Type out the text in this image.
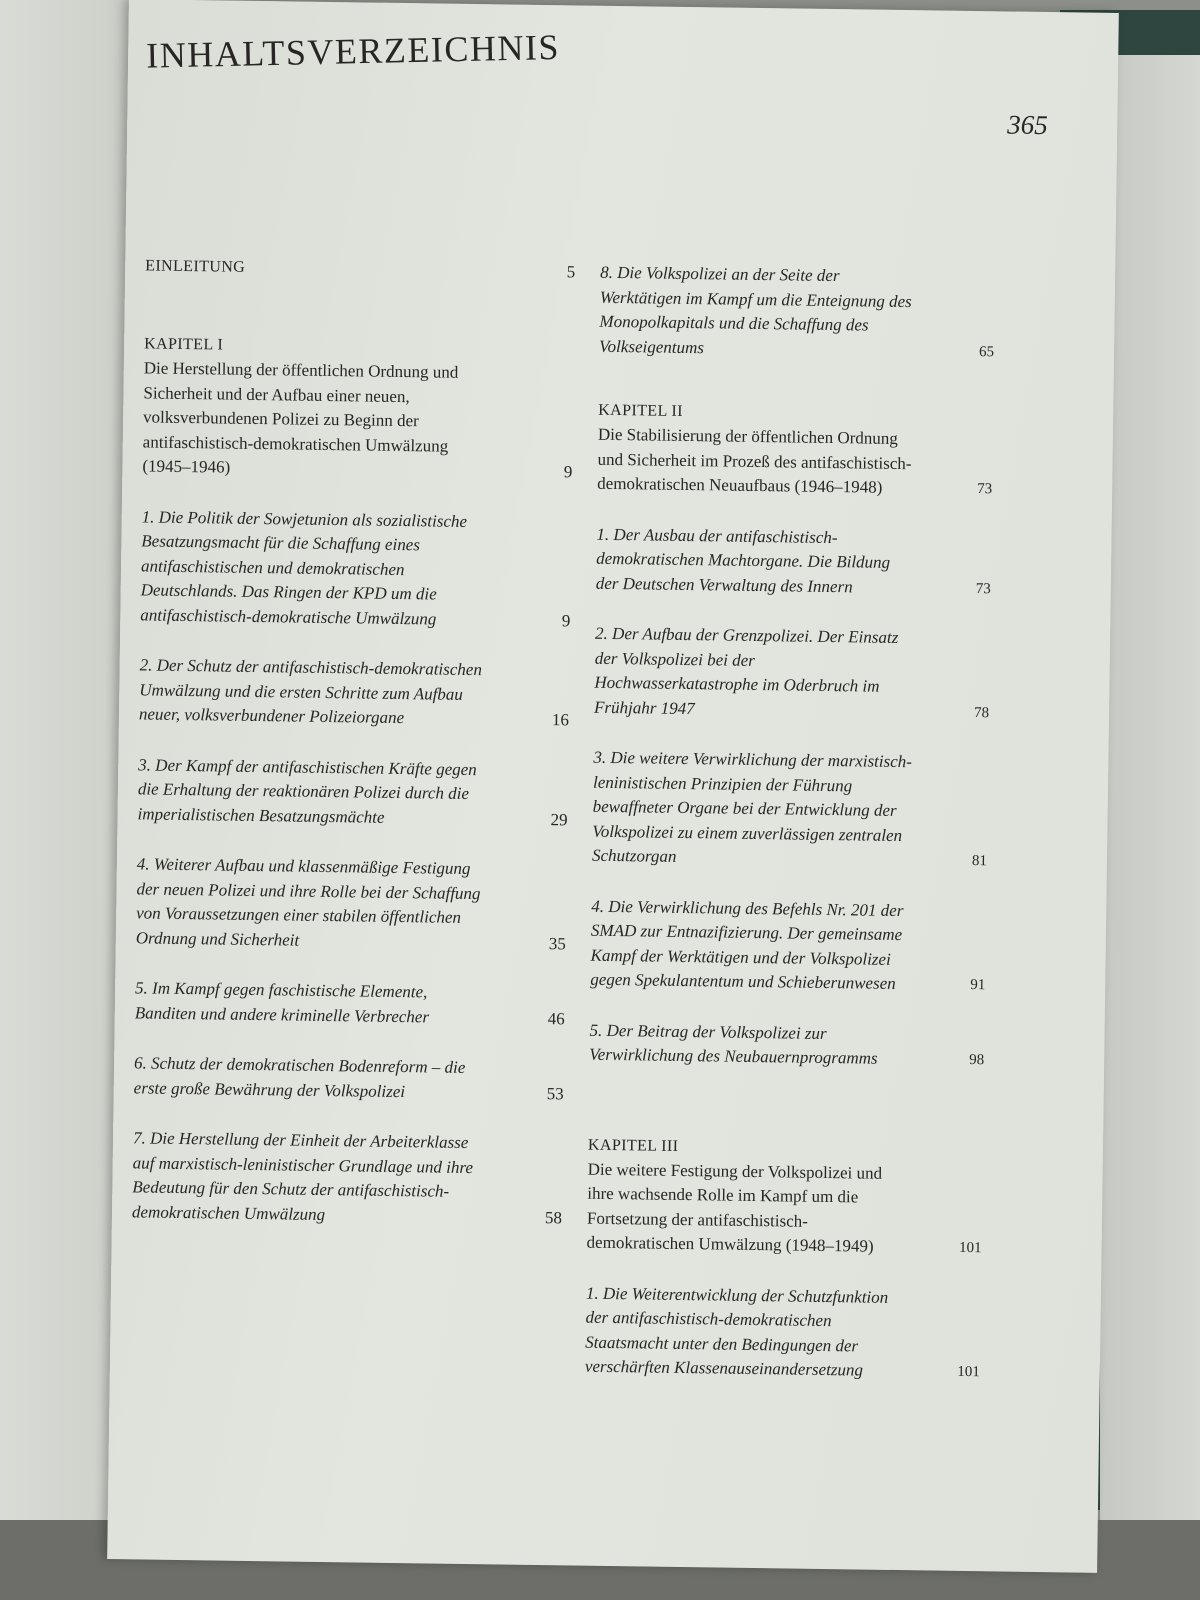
INHALTSVERZEICHNIS
365
EINLEITUNG	5
KAPITEL I
Die Herstellung der öffentlichen Ordnung und Sicherheit und der Aufbau einer neuen, volksverbundenen Polizei zu Beginn der antifaschistisch-demokratischen Umwälzung (1945–1946)	9
1. Die Politik der Sowjetunion als sozialistische Besatzungsmacht für die Schaffung eines antifaschistischen und demokratischen Deutschlands. Das Ringen der KPD um die antifaschistisch-demokratische Umwälzung	9
2. Der Schutz der antifaschistisch-demokratischen Umwälzung und die ersten Schritte zum Aufbau neuer, volksverbundener Polizeiorgane	16
3. Der Kampf der antifaschistischen Kräfte gegen die Erhaltung der reaktionären Polizei durch die imperialistischen Besatzungsmächte	29
4. Weiterer Aufbau und klassenmäßige Festigung der neuen Polizei und ihre Rolle bei der Schaffung von Voraussetzungen einer stabilen öffentlichen Ordnung und Sicherheit	35
5. Im Kampf gegen faschistische Elemente, Banditen und andere kriminelle Verbrecher	46
6. Schutz der demokratischen Bodenreform – die erste große Bewährung der Volkspolizei	53
7. Die Herstellung der Einheit der Arbeiterklasse auf marxistisch-leninistischer Grundlage und ihre Bedeutung für den Schutz der antifaschistisch-demokratischen Umwälzung	58
8. Die Volkspolizei an der Seite der Werktätigen im Kampf um die Enteignung des Monopolkapitals und die Schaffung des Volkseigentums	65
KAPITEL II
Die Stabilisierung der öffentlichen Ordnung und Sicherheit im Prozeß des antifaschistisch-demokratischen Neuaufbaus (1946–1948)	73
1. Der Ausbau der antifaschistisch-demokratischen Machtorgane. Die Bildung der Deutschen Verwaltung des Innern	73
2. Der Aufbau der Grenzpolizei. Der Einsatz der Volkspolizei bei der Hochwasserkatastrophe im Oderbruch im Frühjahr 1947	78
3. Die weitere Verwirklichung der marxistisch-leninistischen Prinzipien der Führung bewaffneter Organe bei der Entwicklung der Volkspolizei zu einem zuverlässigen zentralen Schutzorgan	81
4. Die Verwirklichung des Befehls Nr. 201 der SMAD zur Entnazifizierung. Der gemeinsame Kampf der Werktätigen und der Volkspolizei gegen Spekulantentum und Schieberunwesen	91
5. Der Beitrag der Volkspolizei zur Verwirklichung des Neubauernprogramms	98
KAPITEL III
Die weitere Festigung der Volkspolizei und ihre wachsende Rolle im Kampf um die Fortsetzung der antifaschistisch-demokratischen Umwälzung (1948–1949)	101
1. Die Weiterentwicklung der Schutzfunktion der antifaschistisch-demokratischen Staatsmacht unter den Bedingungen der verschärften Klassenauseinandersetzung	101
